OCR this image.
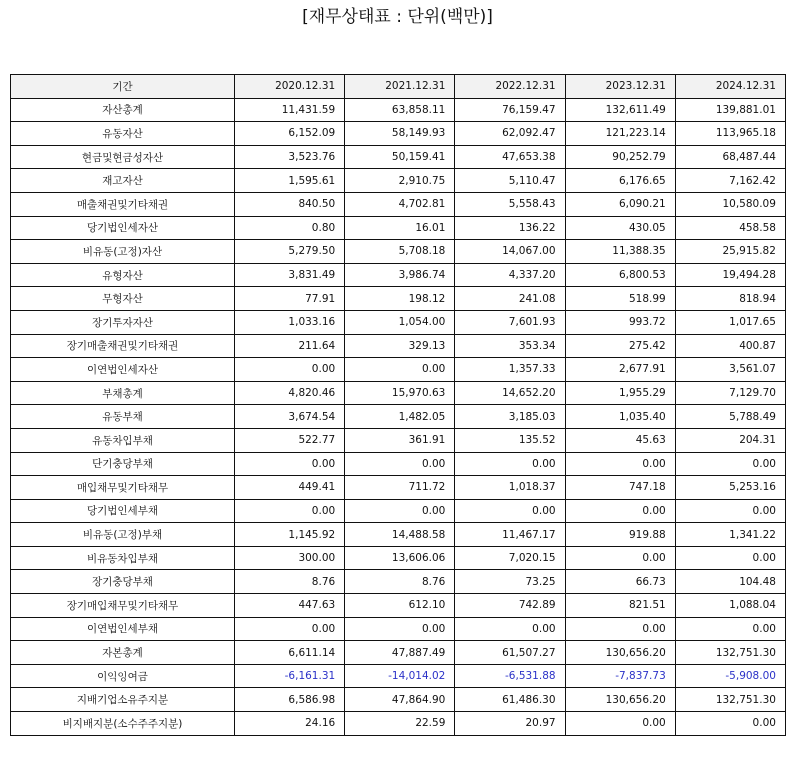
[재무상태표 : 단위(백만)]
기간	2020.12.31	2021.12.31	2022.12.31	2023.12.31	2024.12.31
자산총계	11,431.59	63,858.11	76,159.47	132,611.49	139,881.01
유동자산	6,152.09	58,149.93	62,092.47	121,223.14	113,965.18
현금및현금성자산	3,523.76	50,159.41	47,653.38	90,252.79	68,487.44
재고자산	1,595.61	2,910.75	5,110.47	6,176.65	7,162.42
매출채권및기타채권	840.50	4,702.81	5,558.43	6,090.21	10,580.09
당기법인세자산	0.80	16.01	136.22	430.05	458.58
비유동(고정)자산	5,279.50	5,708.18	14,067.00	11,388.35	25,915.82
유형자산	3,831.49	3,986.74	4,337.20	6,800.53	19,494.28
무형자산	77.91	198.12	241.08	518.99	818.94
장기투자자산	1,033.16	1,054.00	7,601.93	993.72	1,017.65
장기매출채권및기타채권	211.64	329.13	353.34	275.42	400.87
이연법인세자산	0.00	0.00	1,357.33	2,677.91	3,561.07
부채총계	4,820.46	15,970.63	14,652.20	1,955.29	7,129.70
유동부채	3,674.54	1,482.05	3,185.03	1,035.40	5,788.49
유동차입부채	522.77	361.91	135.52	45.63	204.31
단기충당부채	0.00	0.00	0.00	0.00	0.00
매입채무및기타채무	449.41	711.72	1,018.37	747.18	5,253.16
당기법인세부채	0.00	0.00	0.00	0.00	0.00
비유동(고정)부채	1,145.92	14,488.58	11,467.17	919.88	1,341.22
비유동차입부채	300.00	13,606.06	7,020.15	0.00	0.00
장기충당부채	8.76	8.76	73.25	66.73	104.48
장기매입채무및기타채무	447.63	612.10	742.89	821.51	1,088.04
이연법인세부채	0.00	0.00	0.00	0.00	0.00
자본총계	6,611.14	47,887.49	61,507.27	130,656.20	132,751.30
이익잉여금	-6,161.31	-14,014.02	-6,531.88	-7,837.73	-5,908.00
지배기업소유주지분	6,586.98	47,864.90	61,486.30	130,656.20	132,751.30
비지배지분(소수주주지분)	24.16	22.59	20.97	0.00	0.00
